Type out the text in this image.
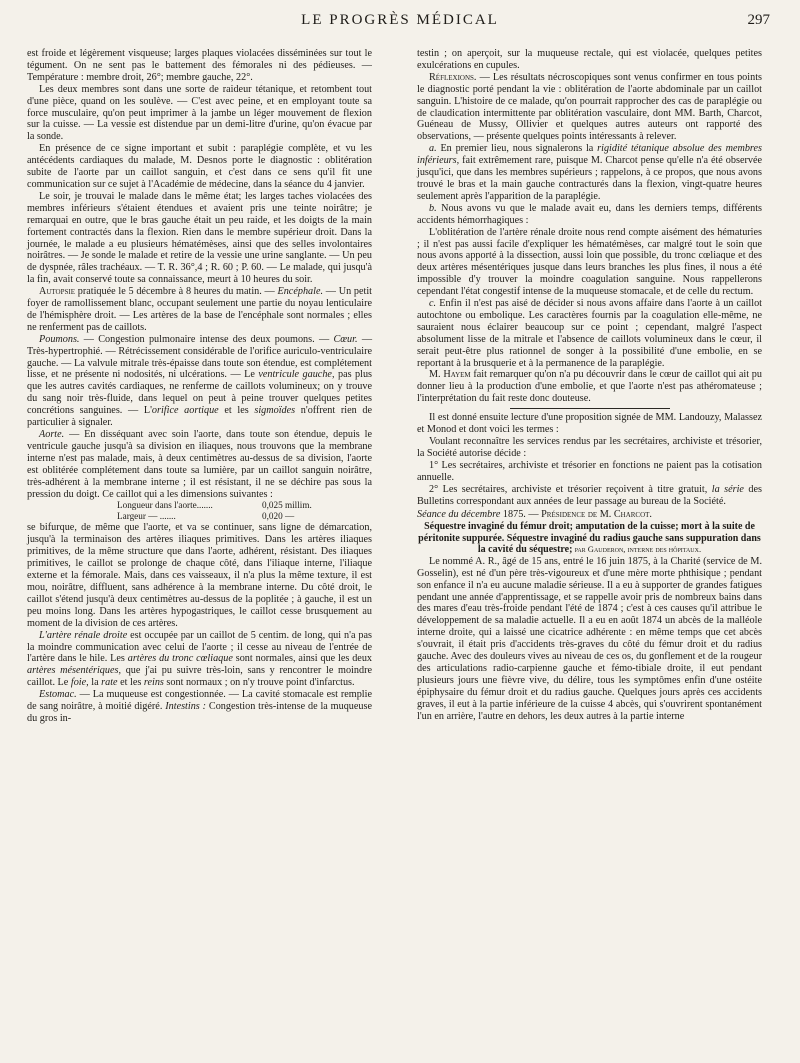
LE PROGRÈS MÉDICAL	297

est froide et légèrement visqueuse; larges plaques violacées disséminées sur tout le tégument. On ne sent pas le battement des fémorales ni des pédieuses. — Température : membre droit, 26°; membre gauche, 22°.

Les deux membres sont dans une sorte de raideur tétanique, et retombent tout d'une pièce, quand on les soulève. — C'est avec peine, et en employant toute sa force musculaire, qu'on peut imprimer à la jambe un léger mouvement de flexion sur la cuisse. — La vessie est distendue par un demi-litre d'urine, qu'on évacue par la sonde.

En présence de ce signe important et subit : paraplégie complète, et vu les antécédents cardiaques du malade, M. Desnos porte le diagnostic : oblitération subite de l'aorte par un caillot sanguin, et c'est dans ce sens qu'il fit une communication sur ce sujet à l'Académie de médecine, dans la séance du 4 janvier.

Le soir, je trouvai le malade dans le même état; les larges taches violacées des membres inférieurs s'étaient étendues et avaient pris une teinte noirâtre; je remarquai en outre, que le bras gauche était un peu raide, et les doigts de la main fortement contractés dans la flexion. Rien dans le membre supérieur droit. Dans la journée, le malade a eu plusieurs hématémèses, ainsi que des selles involontaires noirâtres. — Je sonde le malade et retire de la vessie une urine sanglante. — Un peu de dyspnée, râles trachéaux. — T. R. 36°,4 ; R. 60 ; P. 60. — Le malade, qui jusqu'à la fin, avait conservé toute sa connaissance, meurt à 10 heures du soir.

Autopsie pratiquée le 5 décembre à 8 heures du matin. — Encéphale. — Un petit foyer de ramollissement blanc, occupant seulement une partie du noyau lenticulaire de l'hémisphère droit. — Les artères de la base de l'encéphale sont normales ; elles ne renferment pas de caillots.

Poumons. — Congestion pulmonaire intense des deux poumons. — Cœur. — Très-hypertrophié. — Rétrécissement considérable de l'orifice auriculo-ventriculaire gauche. — La valvule mitrale très-épaisse dans toute son étendue, est complétement lisse, et ne présente ni nodosités, ni ulcérations. — Le ventricule gauche, pas plus que les autres cavités cardiaques, ne renferme de caillots volumineux; on y trouve du sang noir très-fluide, dans lequel on peut à peine trouver quelques petites concrétions sanguines. — L'orifice aortique et les sigmoïdes n'offrent rien de particulier à signaler.

Aorte. — En disséquant avec soin l'aorte, dans toute son étendue, depuis le ventricule gauche jusqu'à sa division en iliaques, nous trouvons que la membrane interne n'est pas malade, mais, à deux centimètres au-dessus de sa division, l'aorte est oblitérée complétement dans toute sa lumière, par un caillot sanguin noirâtre, très-adhérent à la membrane interne ; il est résistant, il ne se déchire pas sous la pression du doigt. Ce caillot qui a les dimensions suivantes :

Longueur dans l'aorte.......	0,025 millim.
Largeur — .......	0,020 —

se bifurque, de même que l'aorte, et va se continuer, sans ligne de démarcation, jusqu'à la terminaison des artères iliaques primitives. Dans les artères iliaques primitives, de la même structure que dans l'aorte, adhérent, résistant. Des iliaques primitives, le caillot se prolonge de chaque côté, dans l'iliaque interne, l'iliaque externe et la fémorale. Mais, dans ces vaisseaux, il n'a plus la même texture, il est mou, noirâtre, diffluent, sans adhérence à la membrane interne. Du côté droit, le caillot s'étend jusqu'à deux centimètres au-dessus de la poplitée ; à gauche, il est un peu moins long. Dans les artères hypogastriques, le caillot cesse brusquement au moment de la division de ces artères.

L'artère rénale droite est occupée par un caillot de 5 centim. de long, qui n'a pas la moindre communication avec celui de l'aorte ; il cesse au niveau de l'entrée de l'artère dans le hile. Les artères du tronc cœliaque sont normales, ainsi que les deux artères mésentériques, que j'ai pu suivre très-loin, sans y rencontrer le moindre caillot. Le foie, la rate et les reins sont normaux ; on n'y trouve point d'infarctus.

Estomac. — La muqueuse est congestionnée. — La cavité stomacale est remplie de sang noirâtre, à moitié digéré. Intestins : Congestion très-intense de la muqueuse du gros in-

testin ; on aperçoit, sur la muqueuse rectale, qui est violacée, quelques petites exulcérations en cupules.

Réflexions. — Les résultats nécroscopiques sont venus confirmer en tous points le diagnostic porté pendant la vie : oblitération de l'aorte abdominale par un caillot sanguin. L'histoire de ce malade, qu'on pourrait rapprocher des cas de paraplégie ou de claudication intermittente par oblitération vasculaire, dont MM. Barth, Charcot, Guéneau de Mussy, Ollivier et quelques autres auteurs ont rapporté des observations, — présente quelques points intéressants à relever.

a. En premier lieu, nous signalerons la rigidité tétanique absolue des membres inférieurs, fait extrêmement rare, puisque M. Charcot pense qu'elle n'a été observée jusqu'ici, que dans les membres supérieurs ; rappelons, à ce propos, que nous avons trouvé le bras et la main gauche contracturés dans la flexion, vingt-quatre heures seulement après l'apparition de la paraplégie.

b. Nous avons vu que le malade avait eu, dans les derniers temps, différents accidents hémorrhagiques :

L'oblitération de l'artère rénale droite nous rend compte aisément des hématuries ; il n'est pas aussi facile d'expliquer les hématémèses, car malgré tout le soin que nous avons apporté à la dissection, aussi loin que possible, du tronc cœliaque et des deux artères mésentériques jusque dans leurs branches les plus fines, il nous a été impossible d'y trouver la moindre coagulation sanguine. Nous rappellerons cependant l'état congestif intense de la muqueuse stomacale, et de celle du rectum.

c. Enfin il n'est pas aisé de décider si nous avons affaire dans l'aorte à un caillot autochtone ou embolique. Les caractères fournis par la coagulation elle-même, ne sauraient nous éclairer beaucoup sur ce point ; cependant, malgré l'aspect absolument lisse de la mitrale et l'absence de caillots volumineux dans le cœur, il serait peut-être plus rationnel de songer à la possibilité d'une embolie, en se reportant à la brusquerie et à la permanence de la paraplégie.

M. Hayem fait remarquer qu'on n'a pu découvrir dans le cœur de caillot qui ait pu donner lieu à la production d'une embolie, et que l'aorte n'est pas athéromateuse ; l'interprétation du fait reste donc douteuse.

Il est donné ensuite lecture d'une proposition signée de MM. Landouzy, Malassez et Monod et dont voici les termes :

Voulant reconnaître les services rendus par les secrétaires, archiviste et trésorier, la Société autorise décide :

1° Les secrétaires, archiviste et trésorier en fonctions ne paient pas la cotisation annuelle.

2° Les secrétaires, archiviste et trésorier reçoivent à titre gratuit, la série des Bulletins correspondant aux années de leur passage au bureau de la Société.

Séance du décembre 1875. — Présidence de M. Charcot.

Séquestre invaginé du fémur droit; amputation de la cuisse; mort à la suite de péritonite suppurée. Séquestre invaginé du radius gauche sans suppuration dans la cavité du séquestre; par Gauderon, interne des hôpitaux.

Le nommé A. R., âgé de 15 ans, entré le 16 juin 1875, à la Charité (service de M. Gosselin), est né d'un père très-vigoureux et d'une mère morte phthisique ; pendant son enfance il n'a eu aucune maladie sérieuse. Il a eu à supporter de grandes fatigues pendant une année d'apprentissage, et se rappelle avoir pris de nombreux bains dans des mares d'eau très-froide pendant l'été de 1874 ; c'est à ces causes qu'il attribue le développement de sa maladie actuelle. Il a eu en août 1874 un abcès de la malléole interne droite, qui a laissé une cicatrice adhérente : en même temps que cet abcès s'ouvrait, il était pris d'accidents très-graves du côté du fémur droit et du radius gauche. Avec des douleurs vives au niveau de ces os, du gonflement et de la rougeur des articulations radio-carpienne gauche et fémo-tibiale droite, il eut pendant plusieurs jours une fièvre vive, du délire, tous les symptômes enfin d'une ostéite épiphysaire du fémur droit et du radius gauche. Quelques jours après ces accidents graves, il eut à la partie inférieure de la cuisse 4 abcès, qui s'ouvrirent spontanément l'un en arrière, l'autre en dehors, les deux autres à la partie interne
